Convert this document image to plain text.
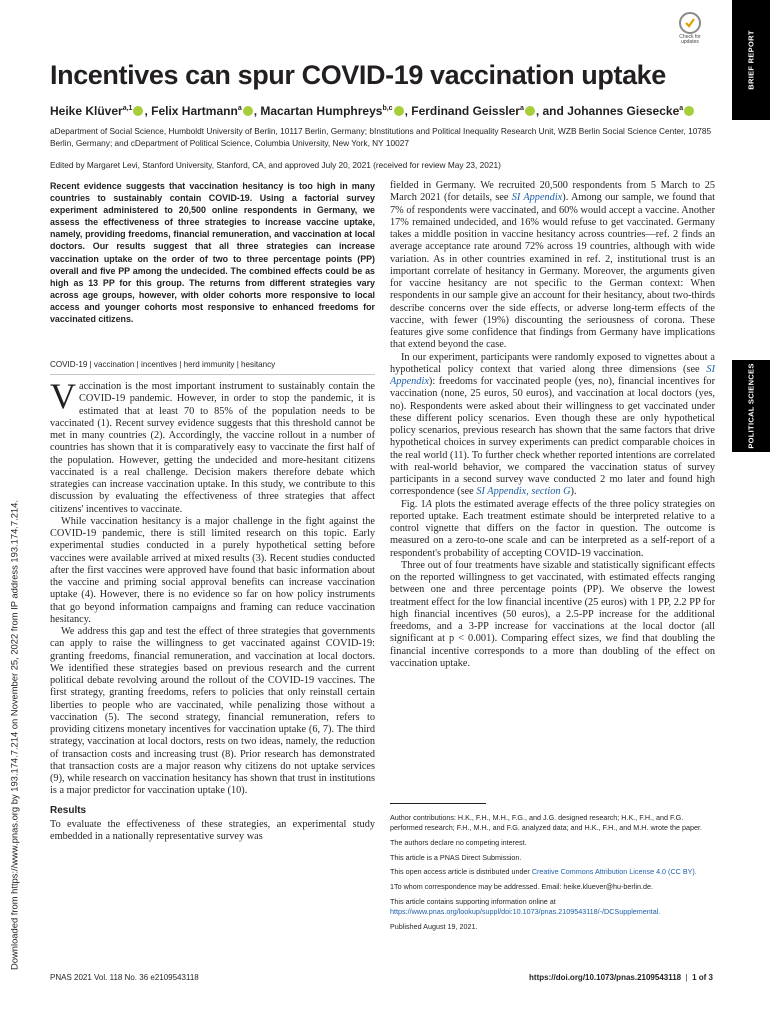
BRIEF REPORT
POLITICAL SCIENCES
Downloaded from https://www.pnas.org by 193.174.7.214 on November 25, 2022 from IP address 193.174.7.214.
Check for updates
Incentives can spur COVID-19 vaccination uptake
Heike Klüver$^{a,1}$ , Felix Hartmann$^a$ , Macartan Humphreys$^{b,c}$ , Ferdinand Geissler$^a$ , and Johannes Giesecke$^a$
aDepartment of Social Science, Humboldt University of Berlin, 10117 Berlin, Germany; bInstitutions and Political Inequality Research Unit, WZB Berlin Social Science Center, 10785 Berlin, Germany; and cDepartment of Political Science, Columbia University, New York, NY 10027
Edited by Margaret Levi, Stanford University, Stanford, CA, and approved July 20, 2021 (received for review May 23, 2021)

Recent evidence suggests that vaccination hesitancy is too high in many countries to sustainably contain COVID-19. Using a factorial survey experiment administered to 20,500 online respondents in Germany, we assess the effectiveness of three strategies to increase vaccine uptake, namely, providing freedoms, financial remuneration, and vaccination at local doctors. Our results suggest that all three strategies can increase vaccination uptake on the order of two to three percentage points (PP) overall and five PP among the undecided. The combined effects could be as high as 13 PP for this group. The returns from different strategies vary across age groups, however, with older cohorts more responsive to local access and younger cohorts most responsive to enhanced freedoms for vaccinated citizens.

COVID-19 | vaccination | incentives | herd immunity | hesitancy

Vaccination is the most important instrument to sustainably contain the COVID-19 pandemic. However, in order to stop the pandemic, it is estimated that at least 70 to 85% of the population needs to be vaccinated (1). Recent survey evidence suggests that this threshold cannot be met in many countries (2). Accordingly, the vaccine rollout in a number of countries has shown that it is comparatively easy to vaccinate the first half of the population. However, getting the undecided and more-hesitant citizens vaccinated is a real challenge. Decision makers therefore debate which strategies can increase vaccination uptake. In this study, we contribute to this discussion by evaluating the effectiveness of three strategies that affect citizens' incentives to vaccinate.

While vaccination hesitancy is a major challenge in the fight against the COVID-19 pandemic, there is still limited research on this topic. Early experimental studies conducted in a purely hypothetical setting before vaccines were available arrived at mixed results (3). Recent studies conducted after the first vaccines were approved have found that basic information about the vaccine and priming social approval benefits can increase vaccination uptake (4). However, there is no evidence so far on how policy instruments that go beyond information campaigns and framing can reduce vaccination hesitancy.

We address this gap and test the effect of three strategies that governments can apply to raise the willingness to get vaccinated against COVID-19: granting freedoms, financial remuneration, and vaccination at local doctors. We identified these strategies based on previous research and the current political debate revolving around the rollout of the COVID-19 vaccines. The first strategy, granting freedoms, refers to policies that only reinstall certain liberties to people who are vaccinated, while penalizing those without a vaccination (5). The second strategy, financial remuneration, refers to providing citizens monetary incentives for vaccination uptake (6, 7). The third strategy, vaccination at local doctors, rests on two ideas, namely, the reduction of transaction costs and increasing trust (8). Prior research has demonstrated that transaction costs are a major reason why citizens do not uptake services (9), while research on vaccination hesitancy has shown that trust in institutions is a major predictor for vaccination uptake (10).

Results

To evaluate the effectiveness of these strategies, an experimental study embedded in a nationally representative survey was

fielded in Germany. We recruited 20,500 respondents from 5 March to 25 March 2021 (for details, see SI Appendix). Among our sample, we found that 7% of respondents were vaccinated, and 60% would accept a vaccine. Another 17% remained undecided, and 16% would refuse to get vaccinated. Germany takes a middle position in vaccine hesitancy across countries—ref. 2 finds an average acceptance rate around 72% across 19 countries, although with wide variation. As in other countries examined in ref. 2, institutional trust is an important correlate of hesitancy in Germany. Moreover, the arguments given for vaccine hesitancy are not specific to the German context: When respondents in our sample give an account for their hesitancy, about two-thirds describe concerns over the side effects, or adverse long-term effects of the vaccine, with fewer (19%) discounting the seriousness of corona. These features give some confidence that findings from Germany have implications that extend beyond the case.

In our experiment, participants were randomly exposed to vignettes about a hypothetical policy context that varied along three dimensions (see SI Appendix): freedoms for vaccinated people (yes, no), financial incentives for vaccination (none, 25 euros, 50 euros), and vaccination at local doctors (yes, no). Respondents were asked about their willingness to get vaccinated under these different policy scenarios. Even though these are only hypothetical policy scenarios, previous research has shown that the same factors that drive hypothetical choices in survey experiments can predict comparable choices in the real world (11). To further check whether reported intentions are correlated with real-world behavior, we compared the vaccination status of survey participants in a second survey wave conducted 2 mo later and found high correspondence (see SI Appendix, section G).

Fig. 1A plots the estimated average effects of the three policy strategies on reported uptake. Each treatment estimate should be interpreted relative to a control vignette that differs on the factor in question. The outcome is measured on a zero-to-one scale and can be interpreted as a self-report of a respondent's probability of accepting COVID-19 vaccination.

Three out of four treatments have sizable and statistically significant effects on the reported willingness to get vaccinated, with estimated effects ranging between one and three percentage points (PP). We observe the lowest treatment effect for the low financial incentive (25 euros) with 1 PP, 2.2 PP for high financial incentives (50 euros), a 2.5-PP increase for the additional freedoms, and a 3-PP increase for vaccinations at the local doctor (all significant at p < 0.001). Comparing effect sizes, we find that doubling the financial incentive corresponds to a more than doubling of the effect on vaccination uptake.

Author contributions: H.K., F.H., M.H., F.G., and J.G. designed research; H.K., F.H., and F.G. performed research; F.H., M.H., and F.G. analyzed data; and H.K., F.H., and M.H. wrote the paper.

The authors declare no competing interest.

This article is a PNAS Direct Submission.

This open access article is distributed under Creative Commons Attribution License 4.0 (CC BY).

1To whom correspondence may be addressed. Email: heike.kluever@hu-berlin.de.

This article contains supporting information online at https://www.pnas.org/lookup/suppl/doi:10.1073/pnas.2109543118/-/DCSupplemental.

Published August 19, 2021.

PNAS 2021 Vol. 118 No. 36 e2109543118	https://doi.org/10.1073/pnas.2109543118  |  1 of 3
